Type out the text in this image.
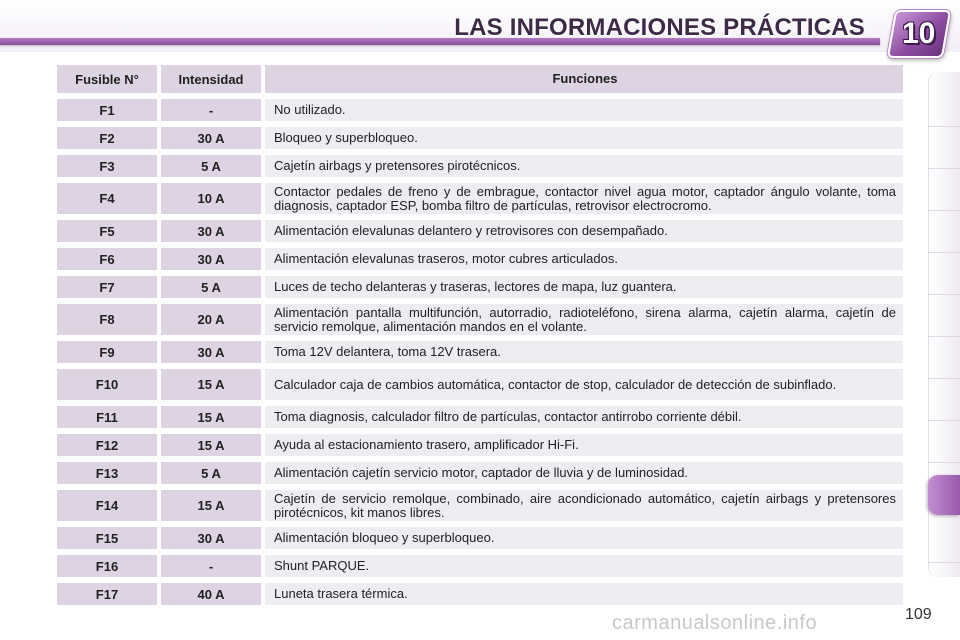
LAS INFORMACIONES PRÁCTICAS 10
Fusible N°	Intensidad	Funciones
F1	-	No utilizado.
F2	30 A	Bloqueo y superbloqueo.
F3	5 A	Cajetín airbags y pretensores pirotécnicos.
F4	10 A	Contactor pedales de freno y de embrague, contactor nivel agua motor, captador ángulo volante, toma diagnosis, captador ESP, bomba filtro de partículas, retrovisor electrocromo.
F5	30 A	Alimentación elevalunas delantero y retrovisores con desempañado.
F6	30 A	Alimentación elevalunas traseros, motor cubres articulados.
F7	5 A	Luces de techo delanteras y traseras, lectores de mapa, luz guantera.
F8	20 A	Alimentación pantalla multifunción, autorradio, radioteléfono, sirena alarma, cajetín alarma, cajetín de servicio remolque, alimentación mandos en el volante.
F9	30 A	Toma 12V delantera, toma 12V trasera.
F10	15 A	Calculador caja de cambios automática, contactor de stop, calculador de detección de subinflado.
F11	15 A	Toma diagnosis, calculador filtro de partículas, contactor antirrobo corriente débil.
F12	15 A	Ayuda al estacionamiento trasero, amplificador Hi-Fi.
F13	5 A	Alimentación cajetín servicio motor, captador de lluvia y de luminosidad.
F14	15 A	Cajetín de servicio remolque, combinado, aire acondicionado automático, cajetín airbags y pretensores pirotécnicos, kit manos libres.
F15	30 A	Alimentación bloqueo y superbloqueo.
F16	-	Shunt PARQUE.
F17	40 A	Luneta trasera térmica.
carmanualsonline.info	109
